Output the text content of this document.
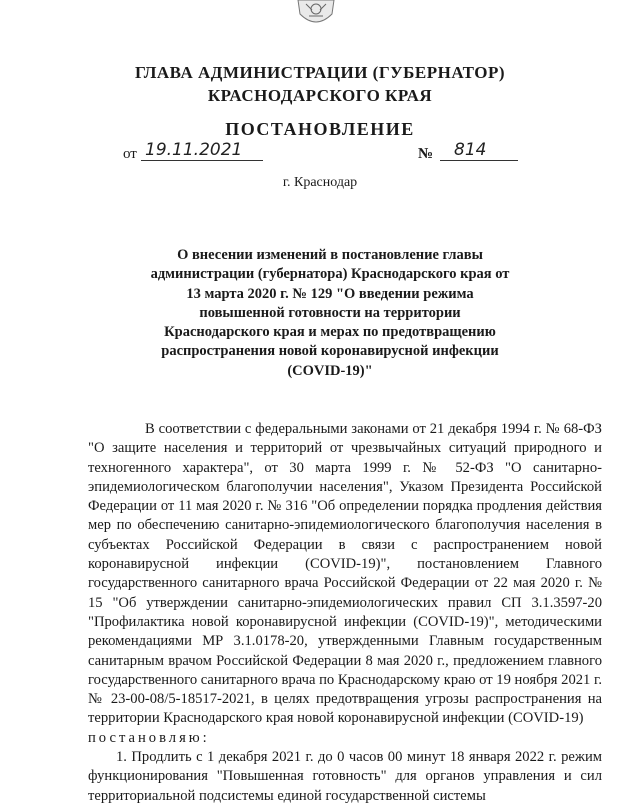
ГЛАВА АДМИНИСТРАЦИИ (ГУБЕРНАТОР)
КРАСНОДАРСКОГО КРАЯ
ПОСТАНОВЛЕНИЕ
от 19.11.2021	№	814
г. Краснодар
О внесении изменений в постановление главы администрации (губернатора) Краснодарского края от 13 марта 2020 г. № 129 "О введении режима повышенной готовности на территории Краснодарского края и мерах по предотвращению распространения новой коронавирусной инфекции (COVID-19)"

В соответствии с федеральными законами от 21 декабря 1994 г. № 68-ФЗ "О защите населения и территорий от чрезвычайных ситуаций природного и техногенного характера", от 30 марта 1999 г. № 52-ФЗ "О санитарно-эпидемиологическом благополучии населения", Указом Президента Российской Федерации от 11 мая 2020 г. № 316 "Об определении порядка продления действия мер по обеспечению санитарно-эпидемиологического благополучия населения в субъектах Российской Федерации в связи с распространением новой коронавирусной инфекции (COVID-19)", постановлением Главного государственного санитарного врача Российской Федерации от 22 мая 2020 г. № 15 "Об утверждении санитарно-эпидемиологических правил СП 3.1.3597-20 "Профилактика новой коронавирусной инфекции (COVID-19)", методическими рекомендациями МР 3.1.0178-20, утвержденными Главным государственным санитарным врачом Российской Федерации 8 мая 2020 г., предложением главного государственного санитарного врача по Краснодарскому краю от 19 ноября 2021 г. № 23-00-08/5-18517-2021, в целях предотвращения угрозы распространения на территории Краснодарского края новой коронавирусной инфекции (COVID-19)

постановляю:

1. Продлить с 1 декабря 2021 г. до 0 часов 00 минут 18 января 2022 г. режим функционирования "Повышенная готовность" для органов управления и сил территориальной подсистемы единой государственной системы
